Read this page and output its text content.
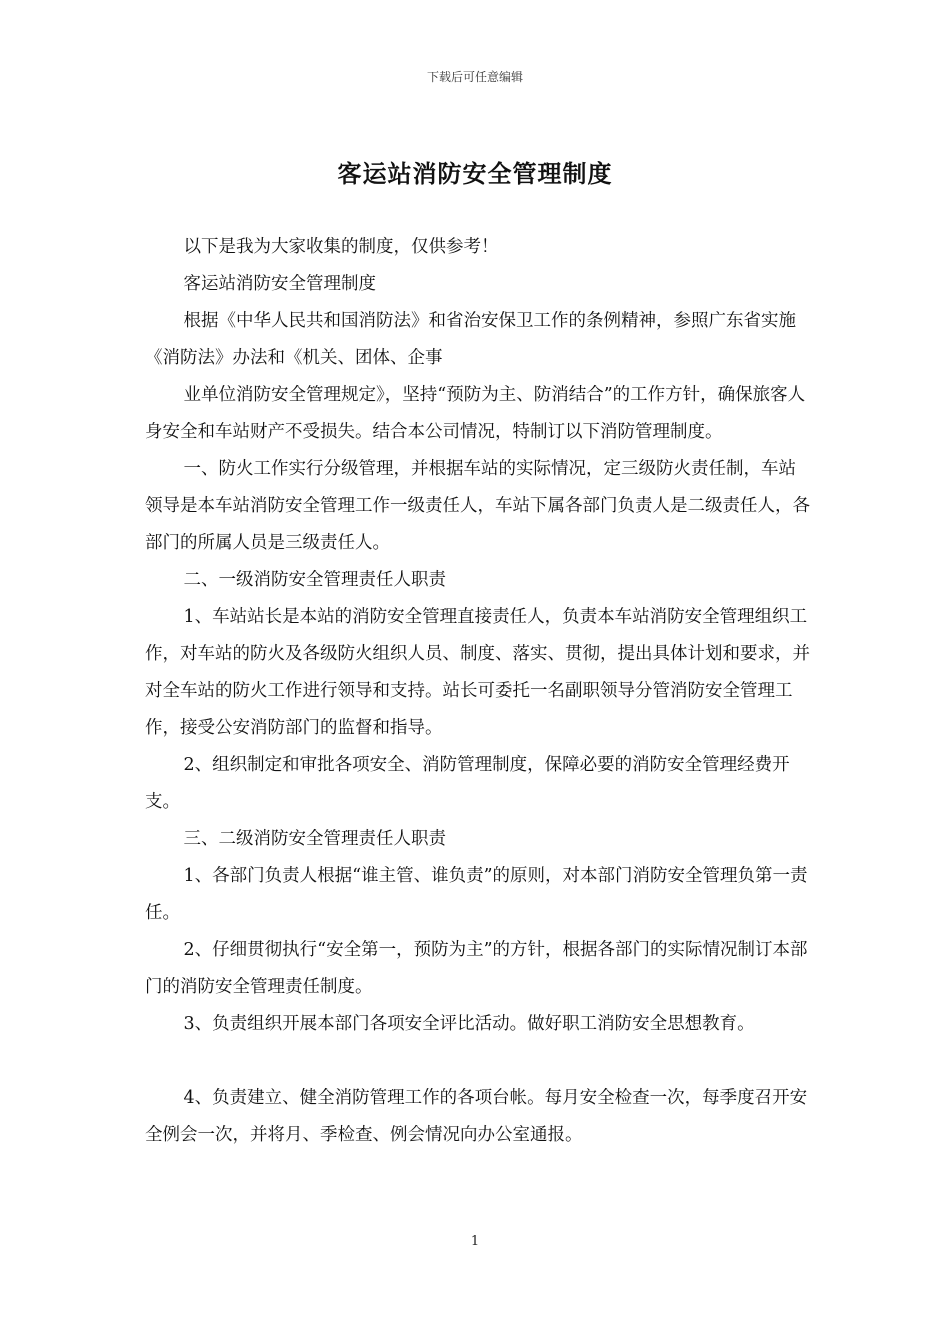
下载后可任意编辑
客运站消防安全管理制度

以下是我为大家收集的制度，仅供参考！

客运站消防安全管理制度

根据《中华人民共和国消防法》和省治安保卫工作的条例精神，参照广东省实施《消防法》办法和《机关、团体、企事

业单位消防安全管理规定》，坚持“预防为主、防消结合”的工作方针，确保旅客人身安全和车站财产不受损失。结合本公司情况，特制订以下消防管理制度。

一、防火工作实行分级管理，并根据车站的实际情况，定三级防火责任制，车站领导是本车站消防安全管理工作一级责任人，车站下属各部门负责人是二级责任人，各部门的所属人员是三级责任人。

二、一级消防安全管理责任人职责

1、车站站长是本站的消防安全管理直接责任人，负责本车站消防安全管理组织工作，对车站的防火及各级防火组织人员、制度、落实、贯彻，提出具体计划和要求，并对全车站的防火工作进行领导和支持。站长可委托一名副职领导分管消防安全管理工作，接受公安消防部门的监督和指导。

2、组织制定和审批各项安全、消防管理制度，保障必要的消防安全管理经费开支。

三、二级消防安全管理责任人职责

1、各部门负责人根据“谁主管、谁负责”的原则，对本部门消防安全管理负第一责任。

2、仔细贯彻执行“安全第一，预防为主”的方针，根据各部门的实际情况制订本部门的消防安全管理责任制度。

3、负责组织开展本部门各项安全评比活动。做好职工消防安全思想教育。

4、负责建立、健全消防管理工作的各项台帐。每月安全检查一次，每季度召开安全例会一次，并将月、季检查、例会情况向办公室通报。

1
